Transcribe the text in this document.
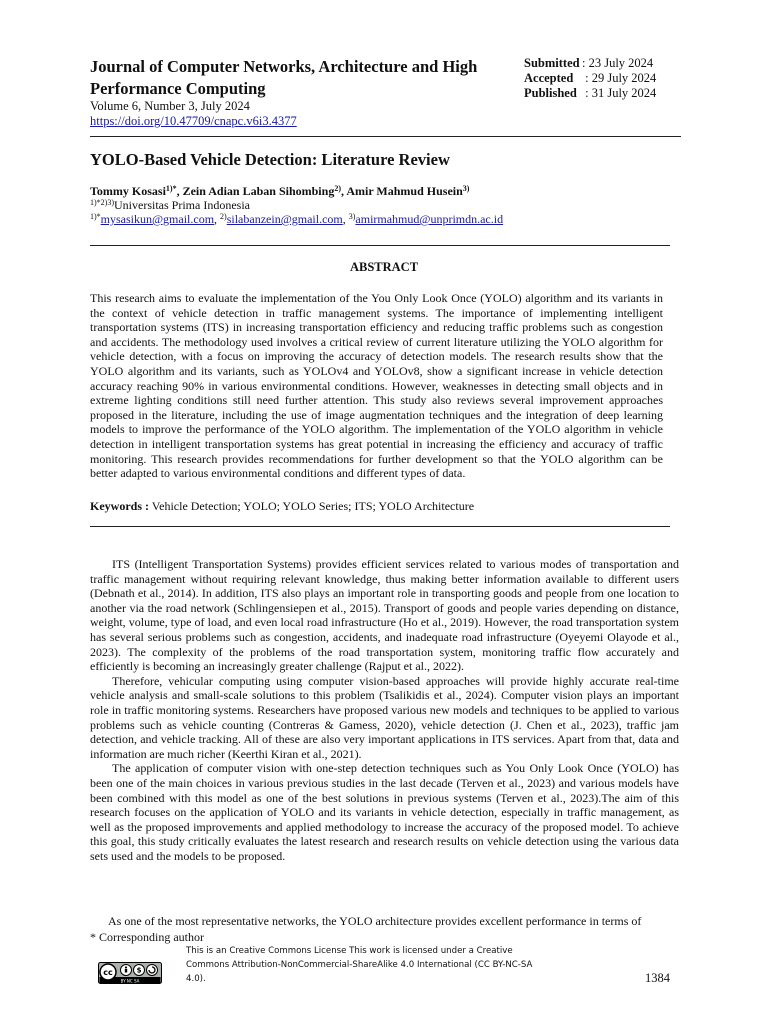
Journal of Computer Networks, Architecture and High Performance Computing
Volume 6, Number 3, July 2024
https://doi.org/10.47709/cnapc.v6i3.4377
Submitted : 23 July 2024
Accepted : 29 July 2024
Published : 31 July 2024
YOLO-Based Vehicle Detection: Literature Review
Tommy Kosasi$^{1)*}$, Zein Adian Laban Sihombing$^{2)}$, Amir Mahmud Husein$^{3)}$
$^{1)*2)3)}$Universitas Prima Indonesia
$^{1)*}$mysasikun@gmail.com, $^{2)}$silabanzein@gmail.com, $^{3)}$amirmahmud@unprimdn.ac.id
ABSTRACT
This research aims to evaluate the implementation of the You Only Look Once (YOLO) algorithm and its variants in the context of vehicle detection in traffic management systems. The importance of implementing intelligent transportation systems (ITS) in increasing transportation efficiency and reducing traffic problems such as congestion and accidents. The methodology used involves a critical review of current literature utilizing the YOLO algorithm for vehicle detection, with a focus on improving the accuracy of detection models. The research results show that the YOLO algorithm and its variants, such as YOLOv4 and YOLOv8, show a significant increase in vehicle detection accuracy reaching 90% in various environmental conditions. However, weaknesses in detecting small objects and in extreme lighting conditions still need further attention. This study also reviews several improvement approaches proposed in the literature, including the use of image augmentation techniques and the integration of deep learning models to improve the performance of the YOLO algorithm. The implementation of the YOLO algorithm in vehicle detection in intelligent transportation systems has great potential in increasing the efficiency and accuracy of traffic monitoring. This research provides recommendations for further development so that the YOLO algorithm can be better adapted to various environmental conditions and different types of data.
Keywords : Vehicle Detection; YOLO; YOLO Series; ITS; YOLO Architecture

ITS (Intelligent Transportation Systems) provides efficient services related to various modes of transportation and traffic management without requiring relevant knowledge, thus making better information available to different users (Debnath et al., 2014). In addition, ITS also plays an important role in transporting goods and people from one location to another via the road network (Schlingensiepen et al., 2015). Transport of goods and people varies depending on distance, weight, volume, type of load, and even local road infrastructure (Ho et al., 2019). However, the road transportation system has several serious problems such as congestion, accidents, and inadequate road infrastructure (Oyeyemi Olayode et al., 2023). The complexity of the problems of the road transportation system, monitoring traffic flow accurately and efficiently is becoming an increasingly greater challenge (Rajput et al., 2022).

Therefore, vehicular computing using computer vision-based approaches will provide highly accurate real-time vehicle analysis and small-scale solutions to this problem (Tsalikidis et al., 2024). Computer vision plays an important role in traffic monitoring systems. Researchers have proposed various new models and techniques to be applied to various problems such as vehicle counting (Contreras & Gamess, 2020), vehicle detection (J. Chen et al., 2023), traffic jam detection, and vehicle tracking. All of these are also very important applications in ITS services. Apart from that, data and information are much richer (Keerthi Kiran et al., 2021).

The application of computer vision with one-step detection techniques such as You Only Look Once (YOLO) has been one of the main choices in various previous studies in the last decade (Terven et al., 2023) and various models have been combined with this model as one of the best solutions in previous systems (Terven et al., 2023).The aim of this research focuses on the application of YOLO and its variants in vehicle detection, especially in traffic management, as well as the proposed improvements and applied methodology to increase the accuracy of the proposed model. To achieve this goal, this study critically evaluates the latest research and research results on vehicle detection using the various data sets used and the models to be proposed.

As one of the most representative networks, the YOLO architecture provides excellent performance in terms of
* Corresponding author
cc	$
BY NC SA
This is an Creative Commons License This work is licensed under a Creative Commons Attribution-NonCommercial-ShareAlike 4.0 International (CC BY-NC-SA 4.0).	1384
